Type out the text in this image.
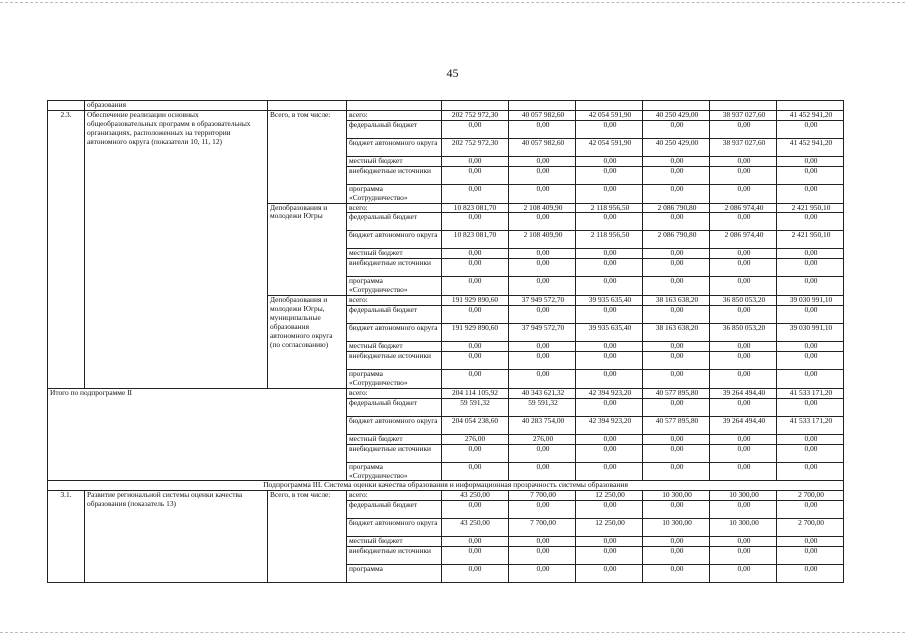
45
	образования								
2.3.	Обеспечение реализации основных общеобразовательных программ в образовательных организациях, расположенных на территории автономного округа (показатели 10, 11, 12)	Всего, в том числе:	всего:	202 752 972,30	40 057 982,60	42 054 591,90	40 250 429,00	38 937 027,60	41 452 941,20
			федеральный бюджет	0,00	0,00	0,00	0,00	0,00	0,00
			бюджет автономного округа	202 752 972,30	40 057 982,60	42 054 591,90	40 250 429,00	38 937 027,60	41 452 941,20
			местный бюджет	0,00	0,00	0,00	0,00	0,00	0,00
			внебюджетные источники	0,00	0,00	0,00	0,00	0,00	0,00
			программа «Сотрудничество»	0,00	0,00	0,00	0,00	0,00	0,00
		Депобразования и молодежи Югры	всего:	10 823 081,70	2 108 409,90	2 118 956,50	2 086 790,80	2 086 974,40	2 421 950,10
			федеральный бюджет	0,00	0,00	0,00	0,00	0,00	0,00
			бюджет автономного округа	10 823 081,70	2 108 409,90	2 118 956,50	2 086 790,80	2 086 974,40	2 421 950,10
			местный бюджет	0,00	0,00	0,00	0,00	0,00	0,00
			внебюджетные источники	0,00	0,00	0,00	0,00	0,00	0,00
			программа «Сотрудничество»	0,00	0,00	0,00	0,00	0,00	0,00
		Депобразования и молодежи Югры, муниципальные образования автономного округа (по согласованию)	всего:	191 929 890,60	37 949 572,70	39 935 635,40	38 163 638,20	36 850 053,20	39 030 991,10
			федеральный бюджет	0,00	0,00	0,00	0,00	0,00	0,00
			бюджет автономного округа	191 929 890,60	37 949 572,70	39 935 635,40	38 163 638,20	36 850 053,20	39 030 991,10
			местный бюджет	0,00	0,00	0,00	0,00	0,00	0,00
			внебюджетные источники	0,00	0,00	0,00	0,00	0,00	0,00
			программа «Сотрудничество»	0,00	0,00	0,00	0,00	0,00	0,00
Итого по подпрограмме II			всего:	204 114 105,92	40 343 621,32	42 394 923,20	40 577 895,80	39 264 494,40	41 533 171,20
			федеральный бюджет	59 591,32	59 591,32	0,00	0,00	0,00	0,00
			бюджет автономного округа	204 054 238,60	40 283 754,00	42 394 923,20	40 577 895,80	39 264 494,40	41 533 171,20
			местный бюджет	276,00	276,00	0,00	0,00	0,00	0,00
			внебюджетные источники	0,00	0,00	0,00	0,00	0,00	0,00
			программа «Сотрудничество»	0,00	0,00	0,00	0,00	0,00	0,00
Подпрограмма III. Система оценки качества образования и информационная прозрачность системы образования									
3.1.	Развитие региональной системы оценки качества образования (показатель 13)	Всего, в том числе:	всего:	43 250,00	7 700,00	12 250,00	10 300,00	10 300,00	2 700,00
			федеральный бюджет	0,00	0,00	0,00	0,00	0,00	0,00
			бюджет автономного округа	43 250,00	7 700,00	12 250,00	10 300,00	10 300,00	2 700,00
			местный бюджет	0,00	0,00	0,00	0,00	0,00	0,00
			внебюджетные источники	0,00	0,00	0,00	0,00	0,00	0,00
			программа	0,00	0,00	0,00	0,00	0,00	0,00
